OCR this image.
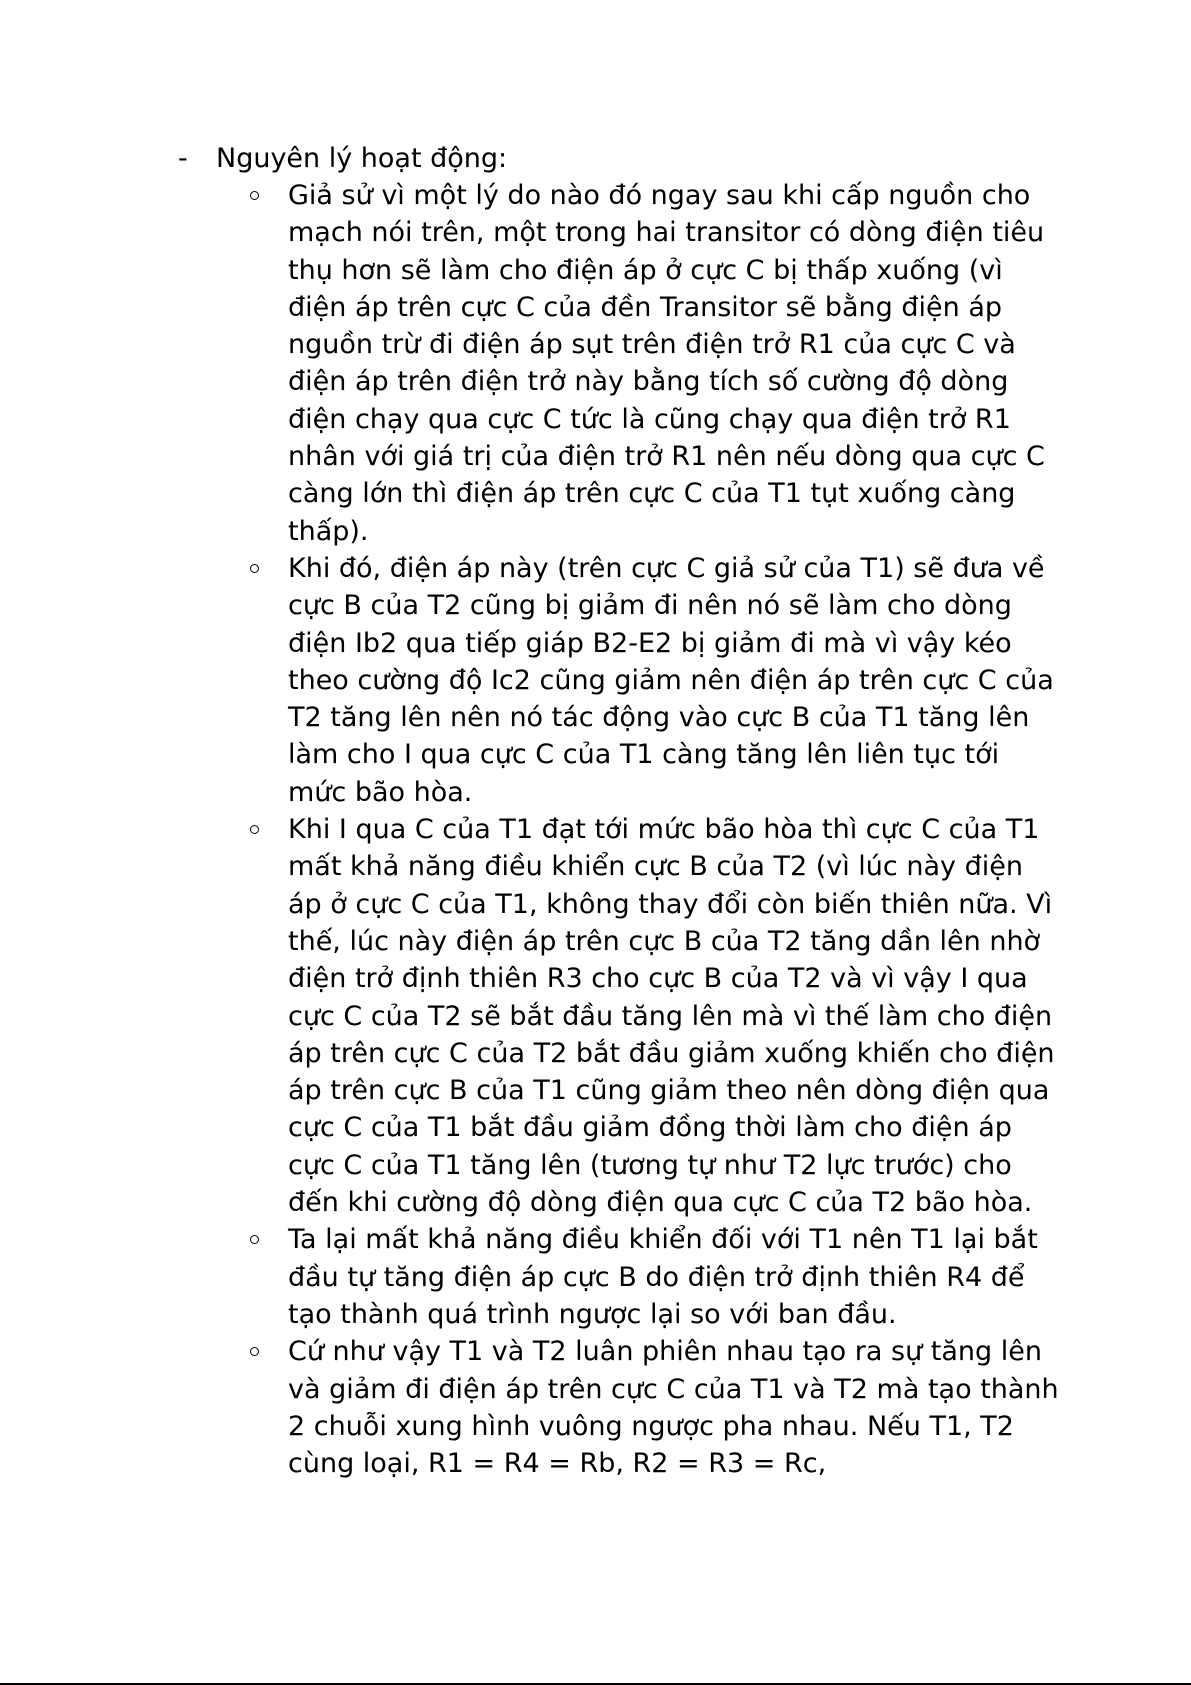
-	Nguyên lý hoạt động:
Giả sử vì một lý do nào đó ngay sau khi cấp nguồn cho mạch nói trên, một trong hai transitor có dòng điện tiêu thụ hơn sẽ làm cho điện áp ở cực C bị thấp xuống (vì điện áp trên cực C của đền Transitor sẽ bằng điện áp nguồn trừ đi điện áp sụt trên điện trở R1 của cực C và điện áp trên điện trở này bằng tích số cường độ dòng điện chạy qua cực C tức là cũng chạy qua điện trở R1 nhân với giá trị của điện trở R1 nên nếu dòng qua cực C càng lớn thì điện áp trên cực C của T1 tụt xuống càng thấp).
Khi đó, điện áp này (trên cực C giả sử của T1) sẽ đưa về cực B của T2 cũng bị giảm đi nên nó sẽ làm cho dòng điện Ib2 qua tiếp giáp B2-E2 bị giảm đi mà vì vậy kéo theo cường độ Ic2 cũng giảm nên điện áp trên cực C của T2 tăng lên nên nó tác động vào cực B của T1 tăng lên làm cho I qua cực C của T1 càng tăng lên liên tục tới mức bão hòa.
Khi I qua C của T1 đạt tới mức bão hòa thì cực C của T1 mất khả năng điều khiển cực B của T2 (vì lúc này điện áp ở cực C của T1, không thay đổi còn biến thiên nữa. Vì thế, lúc này điện áp trên cực B của T2 tăng dần lên nhờ điện trở định thiên R3 cho cực B của T2 và vì vậy I qua cực C của T2 sẽ bắt đầu tăng lên mà vì thế làm cho điện áp trên cực C của T2 bắt đầu giảm xuống khiến cho điện áp trên cực B của T1 cũng giảm theo nên dòng điện qua cực C của T1 bắt đầu giảm đồng thời làm cho điện áp cực C của T1 tăng lên (tương tự như T2 lực trước) cho đến khi cường độ dòng điện qua cực C của T2 bão hòa.
Ta lại mất khả năng điều khiển đối với T1 nên T1 lại bắt đầu tự tăng điện áp cực B do điện trở định thiên R4 để tạo thành quá trình ngược lại so với ban đầu.
Cứ như vậy T1 và T2 luân phiên nhau tạo ra sự tăng lên và giảm đi điện áp trên cực C của T1 và T2 mà tạo thành 2 chuỗi xung hình vuông ngược pha nhau. Nếu T1, T2 cùng loại, R1 = R4 = Rb, R2 = R3 = Rc,
